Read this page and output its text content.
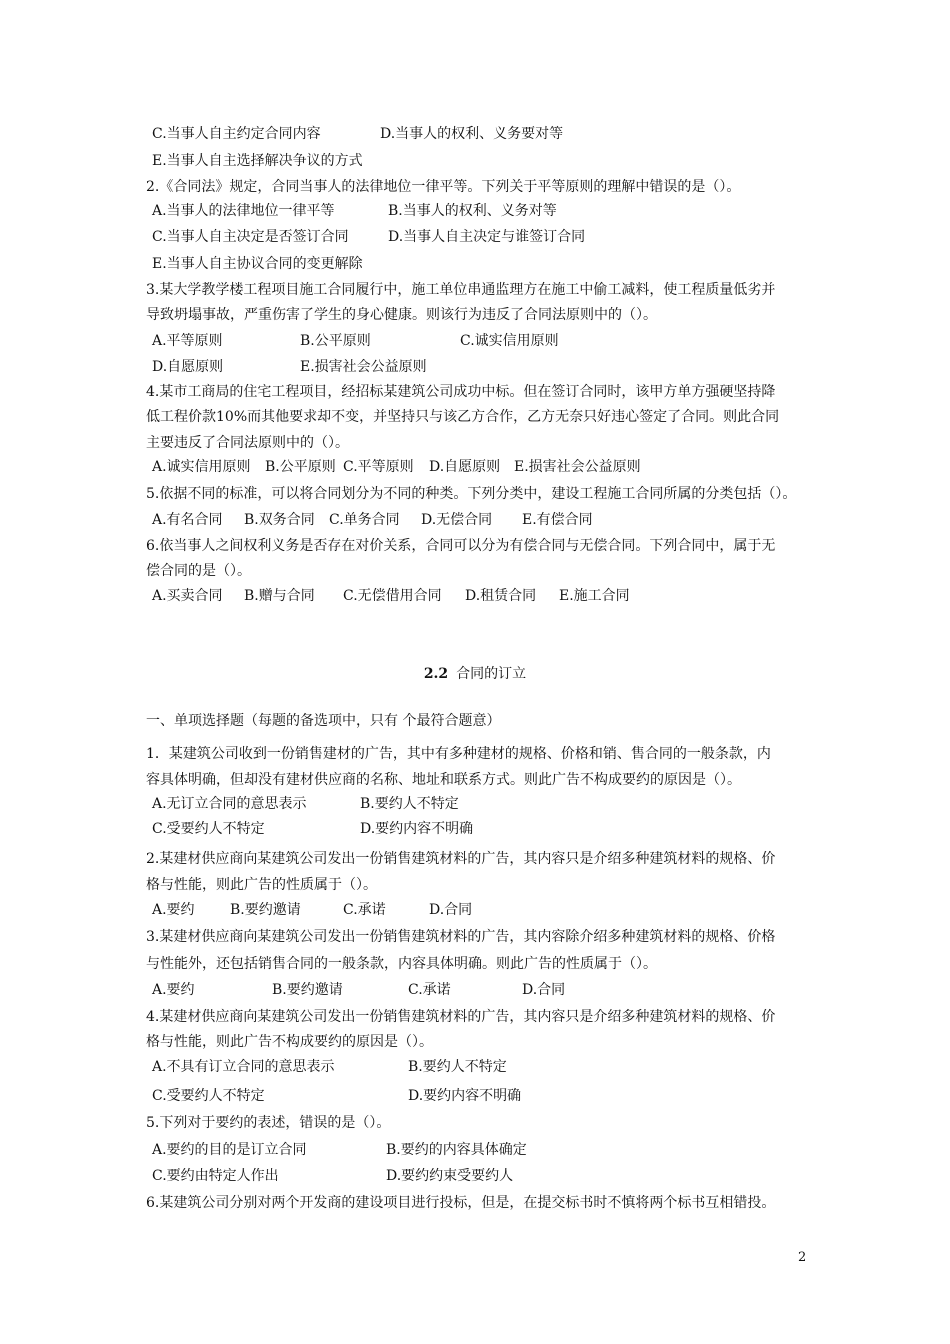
C.当事人自主约定合同内容	D.当事人的权利、义务要对等
E.当事人自主选择解决争议的方式
2.《合同法》规定，合同当事人的法律地位一律平等。下列关于平等原则的理解中错误的是（）。
A.当事人的法律地位一律平等	B.当事人的权利、义务对等
C.当事人自主决定是否签订合同	D.当事人自主决定与谁签订合同
E.当事人自主协议合同的变更解除
3.某大学教学楼工程项目施工合同履行中，施工单位串通监理方在施工中偷工减料，使工程质量低劣并
导致坍塌事故，严重伤害了学生的身心健康。则该行为违反了合同法原则中的（）。
A.平等原则	B.公平原则	C.诚实信用原则
D.自愿原则	E.损害社会公益原则
4.某市工商局的住宅工程项目，经招标某建筑公司成功中标。但在签订合同时，该甲方单方强硬坚持降
低工程价款10%而其他要求却不变，并坚持只与该乙方合作，乙方无奈只好违心签定了合同。则此合同
主要违反了合同法原则中的（）。
A.诚实信用原则 B.公平原则 C.平等原则 D.自愿原则 E.损害社会公益原则
5.依据不同的标准，可以将合同划分为不同的种类。下列分类中，建设工程施工合同所属的分类包括（）。
A.有名合同 B.双务合同 C.单务合同 D.无偿合同 E.有偿合同
6.依当事人之间权利义务是否存在对价关系，合同可以分为有偿合同与无偿合同。下列合同中，属于无
偿合同的是（）。
A.买卖合同 B.赠与合同 C.无偿借用合同 D.租赁合同 E.施工合同
2.2 合同的订立
一、单项选择题（每题的备选项中，只有 个最符合题意）
1．某建筑公司收到一份销售建材的广告，其中有多种建材的规格、价格和销、售合同的一般条款，内
容具体明确，但却没有建材供应商的名称、地址和联系方式。则此广告不构成要约的原因是（）。
A.无订立合同的意思表示	B.要约人不特定
C.受要约人不特定	D.要约内容不明确
2.某建材供应商向某建筑公司发出一份销售建筑材料的广告，其内容只是介绍多种建筑材料的规格、价
格与性能，则此广告的性质属于（）。
A.要约	B.要约邀请	C.承诺	D.合同
3.某建材供应商向某建筑公司发出一份销售建筑材料的广告，其内容除介绍多种建筑材料的规格、价格
与性能外，还包括销售合同的一般条款，内容具体明确。则此广告的性质属于（）。
A.要约	B.要约邀请	C.承诺	D.合同
4.某建材供应商向某建筑公司发出一份销售建筑材料的广告，其内容只是介绍多种建筑材料的规格、价
格与性能，则此广告不构成要约的原因是（）。
A.不具有订立合同的意思表示	B.要约人不特定
C.受要约人不特定	D.要约内容不明确
5.下列对于要约的表述，错误的是（）。
A.要约的目的是订立合同	B.要约的内容具体确定
C.要约由特定人作出	D.要约约束受要约人
6.某建筑公司分别对两个开发商的建设项目进行投标，但是，在提交标书时不慎将两个标书互相错投。
2
